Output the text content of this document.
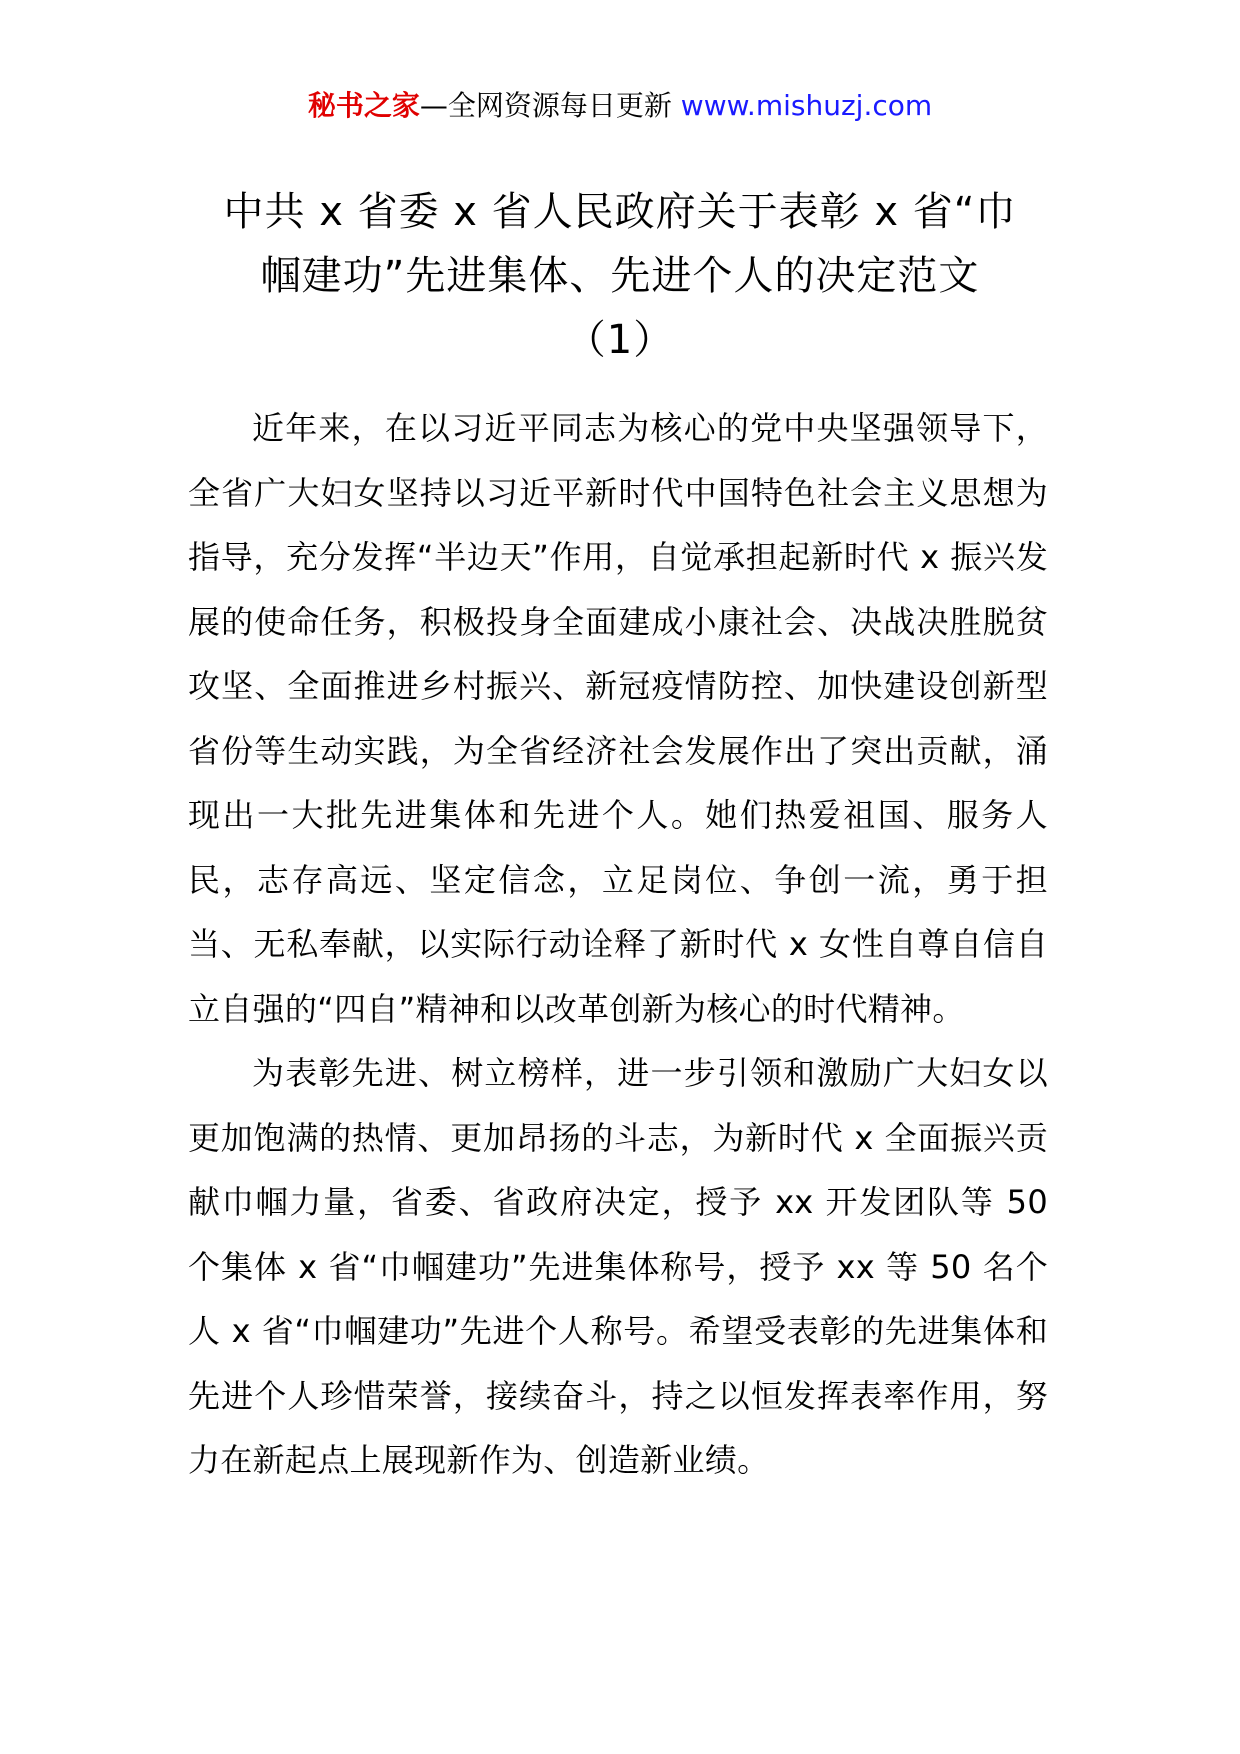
秘书之家—全网资源每日更新 www.mishuzj.com
中共 x 省委 x 省人民政府关于表彰 x 省“巾
帼建功”先进集体、先进个人的决定范文
（1）

近年来，在以习近平同志为核心的党中央坚强领导下，全省广大妇女坚持以习近平新时代中国特色社会主义思想为指导，充分发挥“半边天”作用，自觉承担起新时代 x 振兴发展的使命任务，积极投身全面建成小康社会、决战决胜脱贫攻坚、全面推进乡村振兴、新冠疫情防控、加快建设创新型省份等生动实践，为全省经济社会发展作出了突出贡献，涌现出一大批先进集体和先进个人。她们热爱祖国、服务人民，志存高远、坚定信念，立足岗位、争创一流，勇于担当、无私奉献，以实际行动诠释了新时代 x 女性自尊自信自立自强的“四自”精神和以改革创新为核心的时代精神。

为表彰先进、树立榜样，进一步引领和激励广大妇女以更加饱满的热情、更加昂扬的斗志，为新时代 x 全面振兴贡献巾帼力量，省委、省政府决定，授予 xx 开发团队等 50 个集体 x 省“巾帼建功”先进集体称号，授予 xx 等 50 名个人 x 省“巾帼建功”先进个人称号。希望受表彰的先进集体和先进个人珍惜荣誉，接续奋斗，持之以恒发挥表率作用，努力在新起点上展现新作为、创造新业绩。
